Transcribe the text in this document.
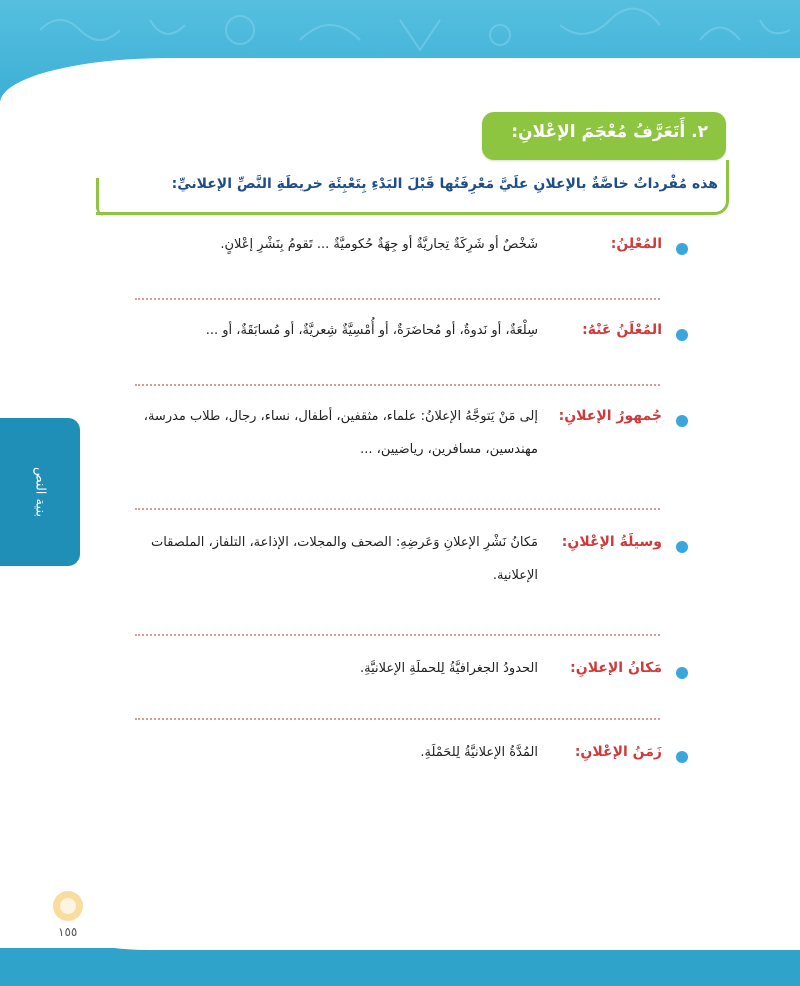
بنية النص
٢. أَتَعَرَّفُ مُعْجَمَ الإعْلانِ:
هذه مُفْرداتٌ خاصَّةٌ بالإعلانِ علَيَّ مَعْرِفَتُها قَبْلَ البَدْءِ بِتَعْبِئَةِ خريطَةِ النَّصِّ الإعلانيِّ:
المُعْلِنُ:
شَخْصٌ أو شَرِكَةٌ تِجاريَّةٌ أو جِهَةٌ حُكوميَّةٌ ... تَقومُ بِنَشْرِ إعْلانٍ.
المُعْلَنُ عَنْهُ:
سِلْعَةٌ، أو نَدوةٌ، أو مُحاضَرَةٌ، أو أُمْسِيَّةٌ شِعريَّةٌ، أو مُسابَقَةٌ، أو ...
جُمهورُ الإعلانِ:
إلى مَنْ يَتوجَّهُ الإعلانُ: علماء، مثقفين، أطفال، نساء، رجال، طلاب مدرسة، مهندسين، مسافرين، رياضيين، ...
وسيلَةُ الإعْلانِ:
مَكانُ نَشْرِ الإعلانِ وَعَرضِهِ: الصحف والمجلات، الإذاعة، التلفاز، الملصقات الإعلانية.
مَكانُ الإعلانِ:
الحدودُ الجغرافيَّةُ لِلحملَةِ الإعلانيَّةِ.
زَمَنُ الإعْلانِ:
المُدَّةُ الإعلانيَّةُ لِلحَمْلَةِ.
١٥٥
